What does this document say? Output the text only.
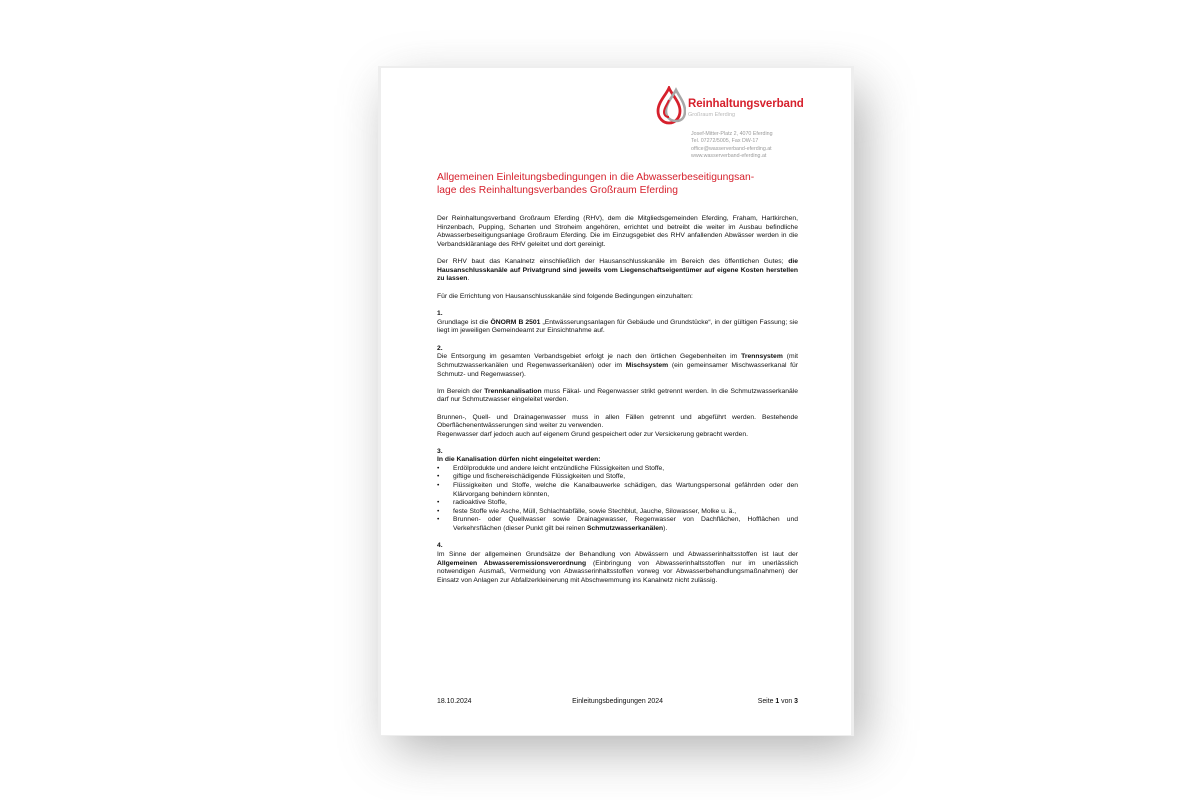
Reinhaltungsverband
Großraum Eferding
Josef-Mitter-Platz 2, 4070 Eferding
Tel. 07272/5005, Fax DW-17
office@wasserverband-eferding.at
www.wasserverband-eferding.at
Allgemeinen Einleitungsbedingungen in die Abwasserbeseitigungsan-
lage des Reinhaltungsverbandes Großraum Eferding

Der Reinhaltungsverband Großraum Eferding (RHV), dem die Mitgliedsgemeinden Eferding, Fraham, Hartkirchen, Hinzenbach, Pupping, Scharten und Stroheim angehören, errichtet und betreibt die weiter im Ausbau befindliche Abwasserbeseitigungsanlage Großraum Eferding. Die im Einzugsgebiet des RHV anfallenden Abwässer werden in die Verbandskläranlage des RHV geleitet und dort gereinigt.

Der RHV baut das Kanalnetz einschließlich der Hausanschlusskanäle im Bereich des öffentlichen Gutes; die Hausanschlusskanäle auf Privatgrund sind jeweils vom Liegenschaftseigentümer auf eigene Kosten herstellen zu lassen.

Für die Errichtung von Hausanschlusskanäle sind folgende Bedingungen einzuhalten:

1.

Grundlage ist die ÖNORM B 2501 „Entwässerungsanlagen für Gebäude und Grundstücke“, in der gültigen Fassung; sie liegt im jeweiligen Gemeindeamt zur Einsichtnahme auf.

2.

Die Entsorgung im gesamten Verbandsgebiet erfolgt je nach den örtlichen Gegebenheiten im Trennsystem (mit Schmutzwasserkanälen und Regenwasserkanälen) oder im Mischsystem (ein gemeinsamer Mischwasserkanal für Schmutz- und Regenwasser).

Im Bereich der Trennkanalisation muss Fäkal- und Regenwasser strikt getrennt werden. In die Schmutzwasserkanäle darf nur Schmutzwasser eingeleitet werden.

Brunnen-, Quell- und Drainagenwasser muss in allen Fällen getrennt und abgeführt werden. Bestehende Oberflächenentwässerungen sind weiter zu verwenden.

Regenwasser darf jedoch auch auf eigenem Grund gespeichert oder zur Versickerung gebracht werden.

3.

In die Kanalisation dürfen nicht eingeleitet werden:

• Erdölprodukte und andere leicht entzündliche Flüssigkeiten und Stoffe,
• giftige und fischereischädigende Flüssigkeiten und Stoffe,
• Flüssigkeiten und Stoffe, welche die Kanalbauwerke schädigen, das Wartungspersonal gefährden oder den Klärvorgang behindern könnten,
• radioaktive Stoffe,
• feste Stoffe wie Asche, Müll, Schlachtabfälle, sowie Stechblut, Jauche, Silowasser, Molke u. ä.,
• Brunnen- oder Quellwasser sowie Drainagewasser, Regenwasser von Dachflächen, Hofflächen und Verkehrsflächen (dieser Punkt gilt bei reinen Schmutzwasserkanälen).

4.

Im Sinne der allgemeinen Grundsätze der Behandlung von Abwässern und Abwasserinhaltsstoffen ist laut der Allgemeinen Abwasseremissionsverordnung (Einbringung von Abwasserinhaltsstoffen nur im unerlässlich notwendigen Ausmaß, Vermeidung von Abwasserinhaltsstoffen vorweg vor Abwasserbehandlungsmaßnahmen) der Einsatz von Anlagen zur Abfallzerkleinerung mit Abschwemmung ins Kanalnetz nicht zulässig.

18.10.2024	Einleitungsbedingungen 2024	Seite 1 von 3
